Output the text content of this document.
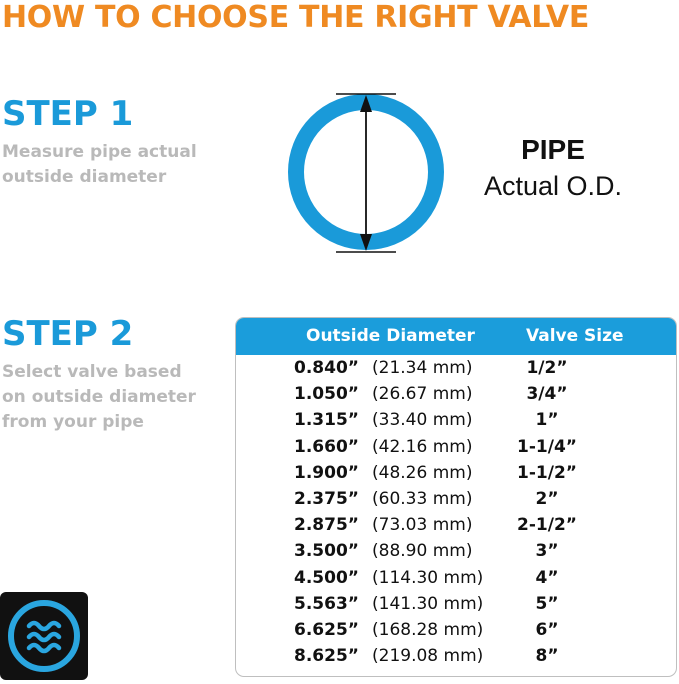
HOW TO CHOOSE THE RIGHT VALVE
STEP 1

Measure pipe actual
outside diameter

PIPE
Actual O.D.
STEP 2

Select valve based
on outside diameter
from your pipe

Outside Diameter	Valve Size
0.840” (21.34 mm)	1/2”
1.050” (26.67 mm)	3/4”
1.315” (33.40 mm)	1”
1.660” (42.16 mm)	1-1/4”
1.900” (48.26 mm)	1-1/2”
2.375” (60.33 mm)	2”
2.875” (73.03 mm)	2-1/2”
3.500” (88.90 mm)	3”
4.500” (114.30 mm)	4”
5.563” (141.30 mm)	5”
6.625” (168.28 mm)	6”
8.625” (219.08 mm)	8”
